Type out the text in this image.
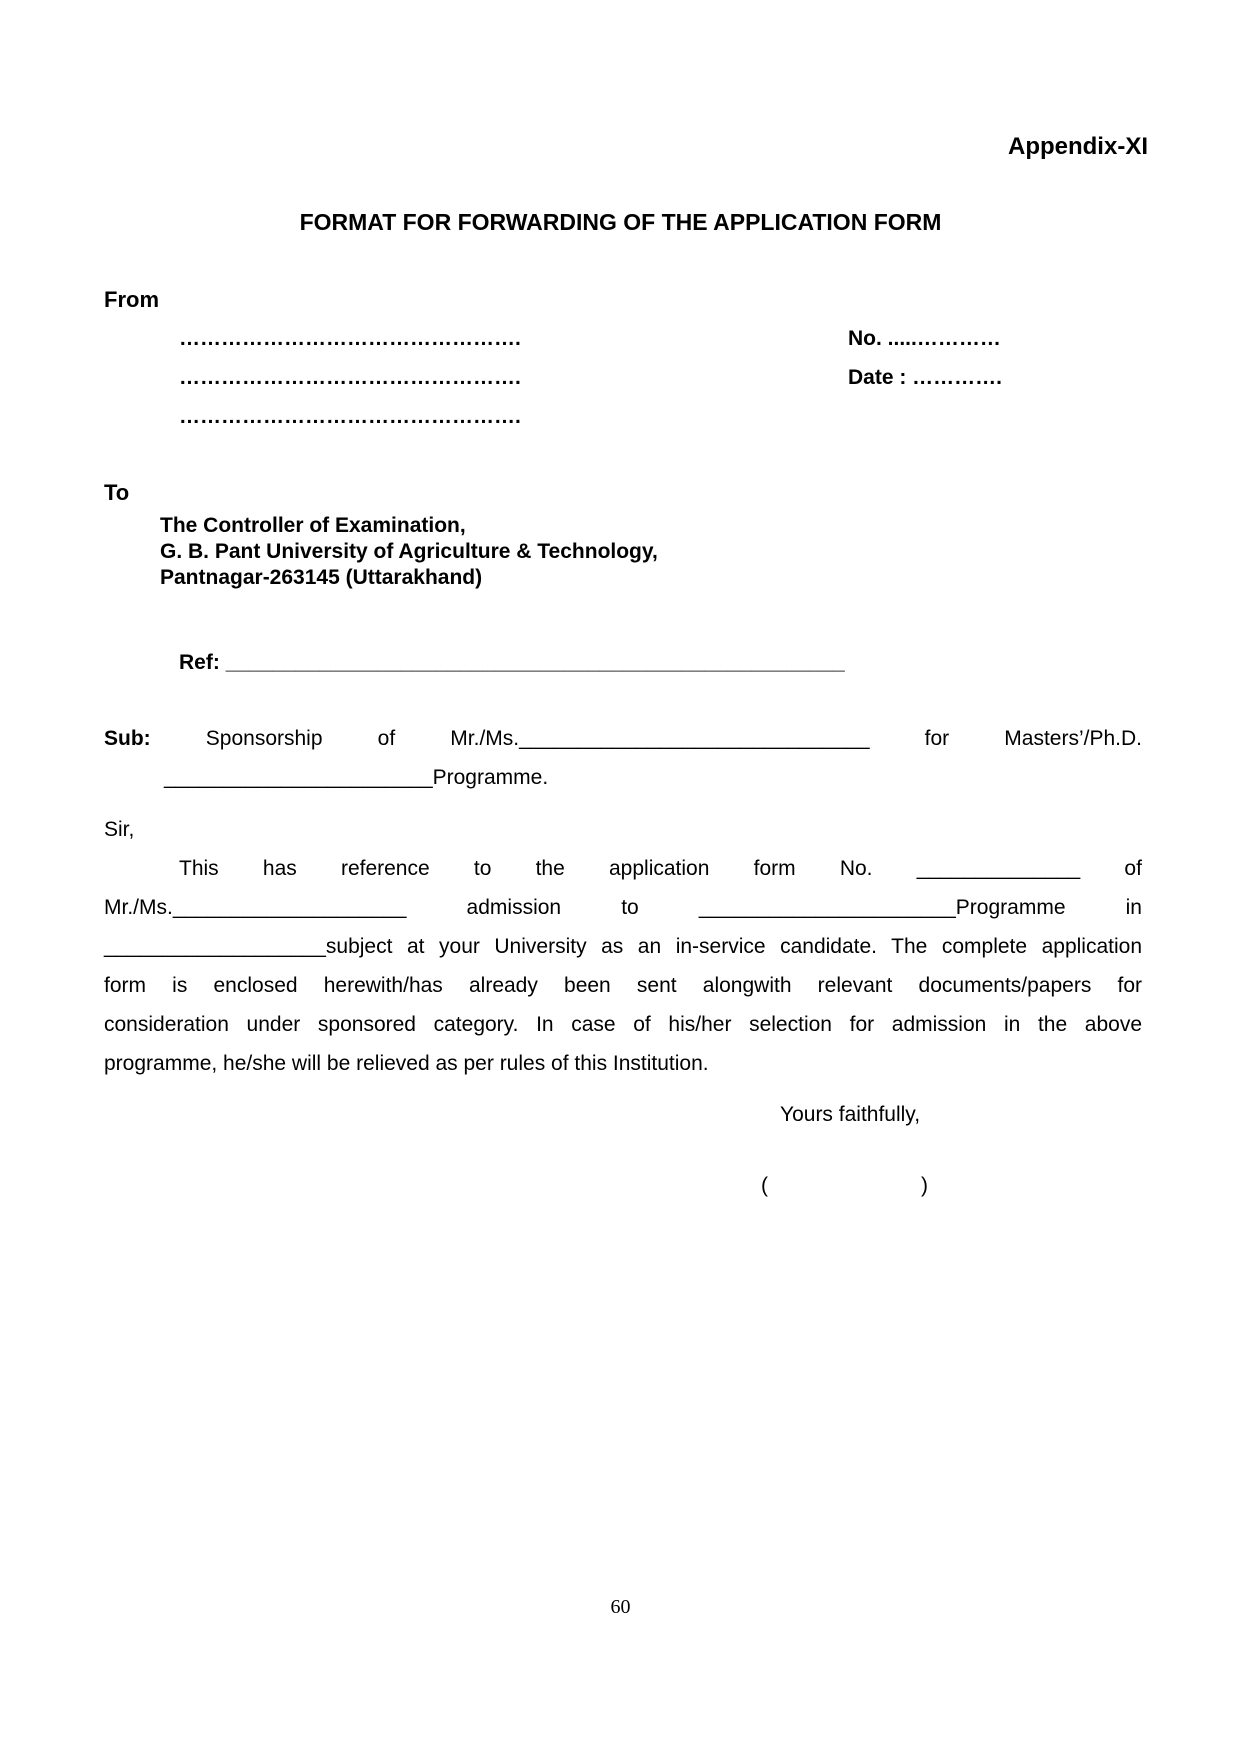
Appendix-XI
FORMAT FOR FORWARDING OF THE APPLICATION FORM
From
………………………………………….
………………………………………….
………………………………………….
No. .....…………
Date : ………….
To
The Controller of Examination,
G. B. Pant University of Agriculture & Technology,
Pantnagar-263145 (Uttarakhand)
Ref: _____________________________________________________
Sub:	Sponsorship	of	Mr./Ms.______________________________	for	Masters’/Ph.D.
_______________________Programme.
Sir,
This has reference to the application form No. ______________ of
Mr./Ms.____________________	admission	to	______________________Programme	in
___________________subject at your University as an in-service candidate. The complete application
form is enclosed herewith/has already been sent alongwith relevant documents/papers for
consideration under sponsored category. In case of his/her selection for admission in the above
programme, he/she will be relieved as per rules of this Institution.
Yours faithfully,
(	)
60
